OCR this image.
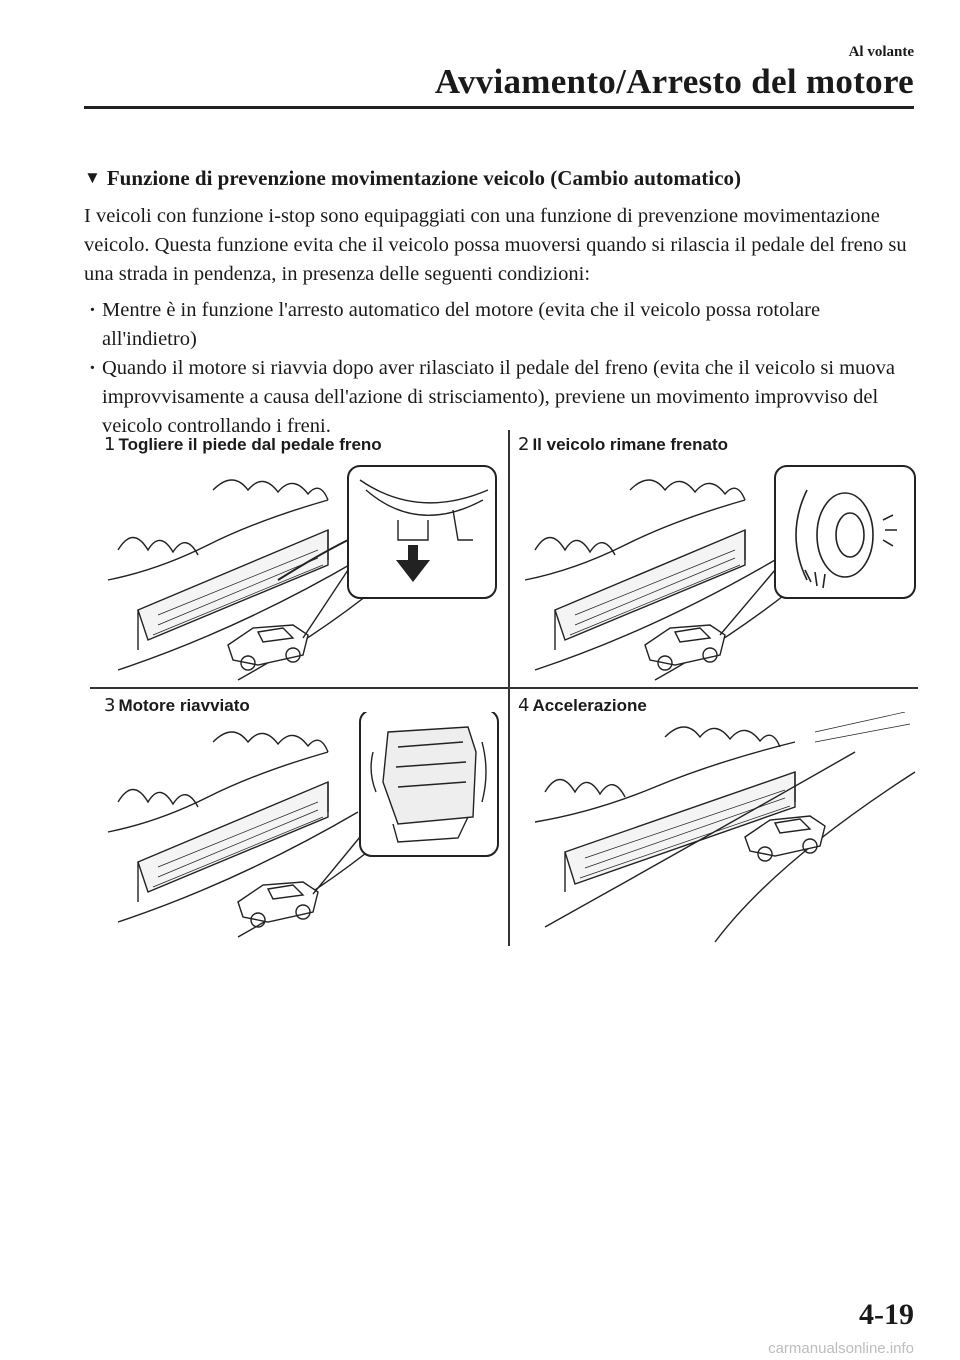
Al volante
Avviamento/Arresto del motore
▼ Funzione di prevenzione movimentazione veicolo (Cambio automatico)

I veicoli con funzione i-stop sono equipaggiati con una funzione di prevenzione movimentazione veicolo. Questa funzione evita che il veicolo possa muoversi quando si rilascia il pedale del freno su una strada in pendenza, in presenza delle seguenti condizioni:

· Mentre è in funzione l'arresto automatico del motore (evita che il veicolo possa rotolare all'indietro)

· Quando il motore si riavvia dopo aver rilasciato il pedale del freno (evita che il veicolo si muova improvvisamente a causa dell'azione di strisciamento), previene un movimento improvviso del veicolo controllando i freni.

1 Togliere il piede dal pedale freno	2 Il veicolo rimane frenato
3 Motore riavviato	4 Accelerazione
4-19
carmanualsonline.info
